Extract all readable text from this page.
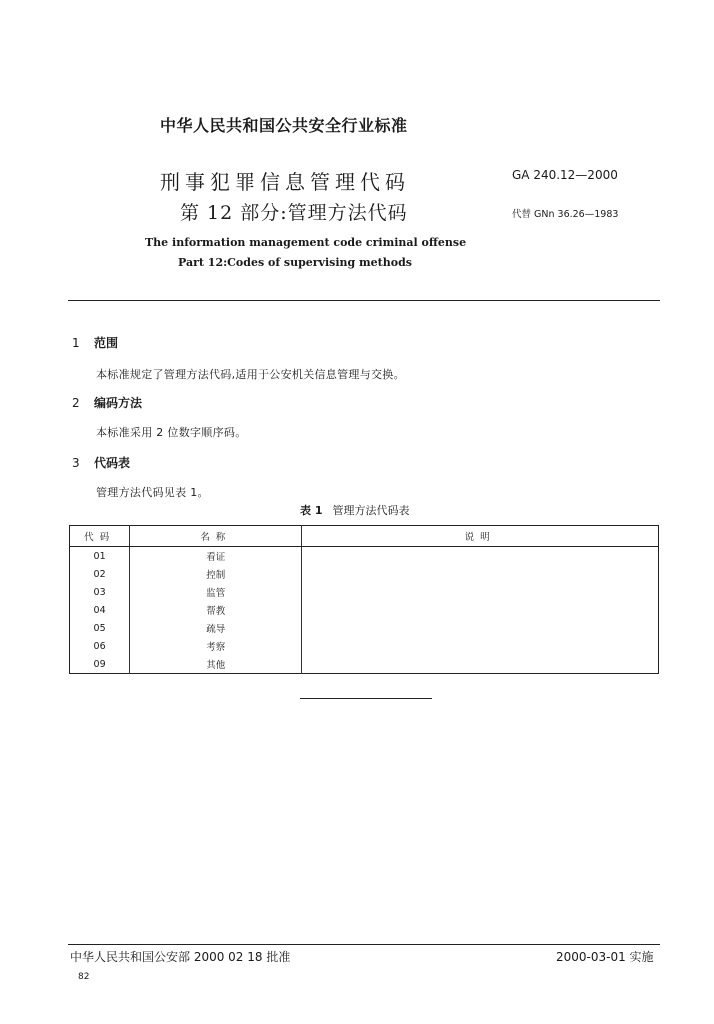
中华人民共和国公共安全行业标准
刑事犯罪信息管理代码
第 12 部分:管理方法代码
GA 240.12—2000
代替 GNn 36.26—1983
The information management code criminal offense
Part 12:Codes of supervising methods
1 范围
本标准规定了管理方法代码,适用于公安机关信息管理与交换。
2 编码方法
本标准采用 2 位数字顺序码。
3 代码表
管理方法代码见表 1。
表 1 管理方法代码表
代码	名称	说明
01	看证	
02	控制	
03	监管	
04	帮教	
05	疏导	
06	考察	
09	其他	
中华人民共和国公安部 2000 02 18 批准	2000-03-01 实施
82
